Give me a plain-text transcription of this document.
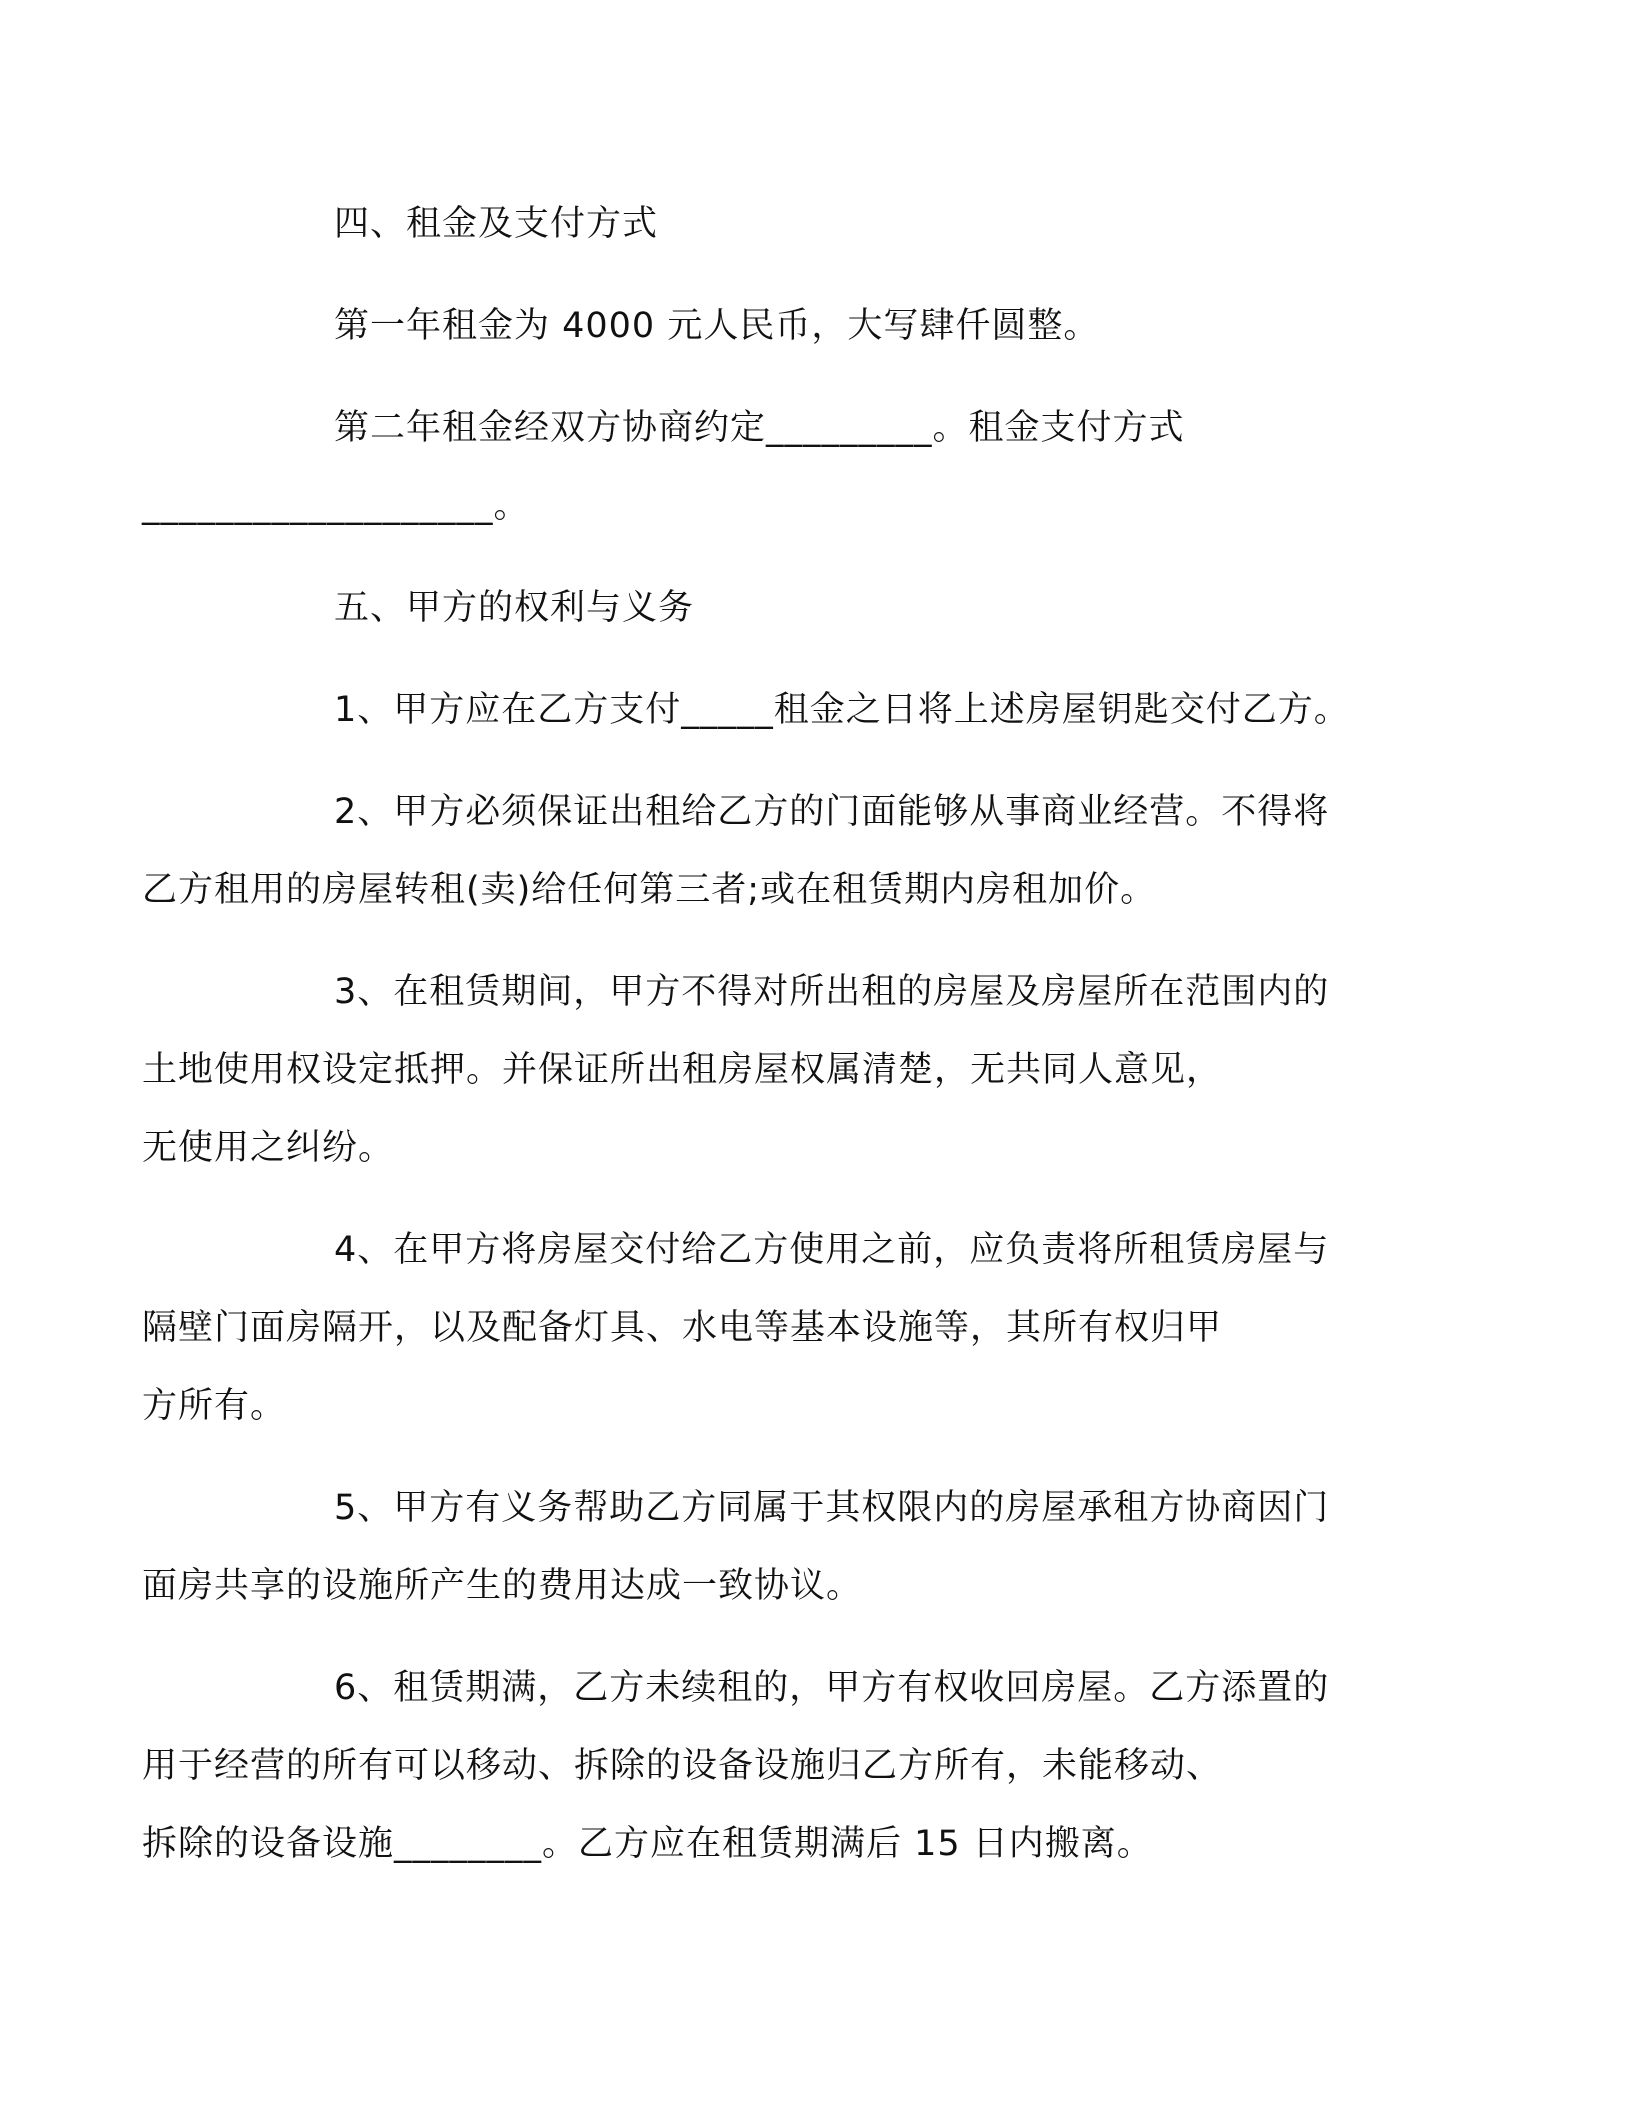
四、租金及支付方式
第一年租金为 4000 元人民币，大写肆仟圆整。
第二年租金经双方协商约定_________。租金支付方式
___________________。
五、甲方的权利与义务
1、甲方应在乙方支付_____租金之日将上述房屋钥匙交付乙方。
2、甲方必须保证出租给乙方的门面能够从事商业经营。不得将
乙方租用的房屋转租(卖)给任何第三者;或在租赁期内房租加价。
3、在租赁期间，甲方不得对所出租的房屋及房屋所在范围内的
土地使用权设定抵押。并保证所出租房屋权属清楚，无共同人意见，
无使用之纠纷。
4、在甲方将房屋交付给乙方使用之前，应负责将所租赁房屋与
隔壁门面房隔开，以及配备灯具、水电等基本设施等，其所有权归甲
方所有。
5、甲方有义务帮助乙方同属于其权限内的房屋承租方协商因门
面房共享的设施所产生的费用达成一致协议。
6、租赁期满，乙方未续租的，甲方有权收回房屋。乙方添置的
用于经营的所有可以移动、拆除的设备设施归乙方所有，未能移动、
拆除的设备设施________。乙方应在租赁期满后 15 日内搬离。
